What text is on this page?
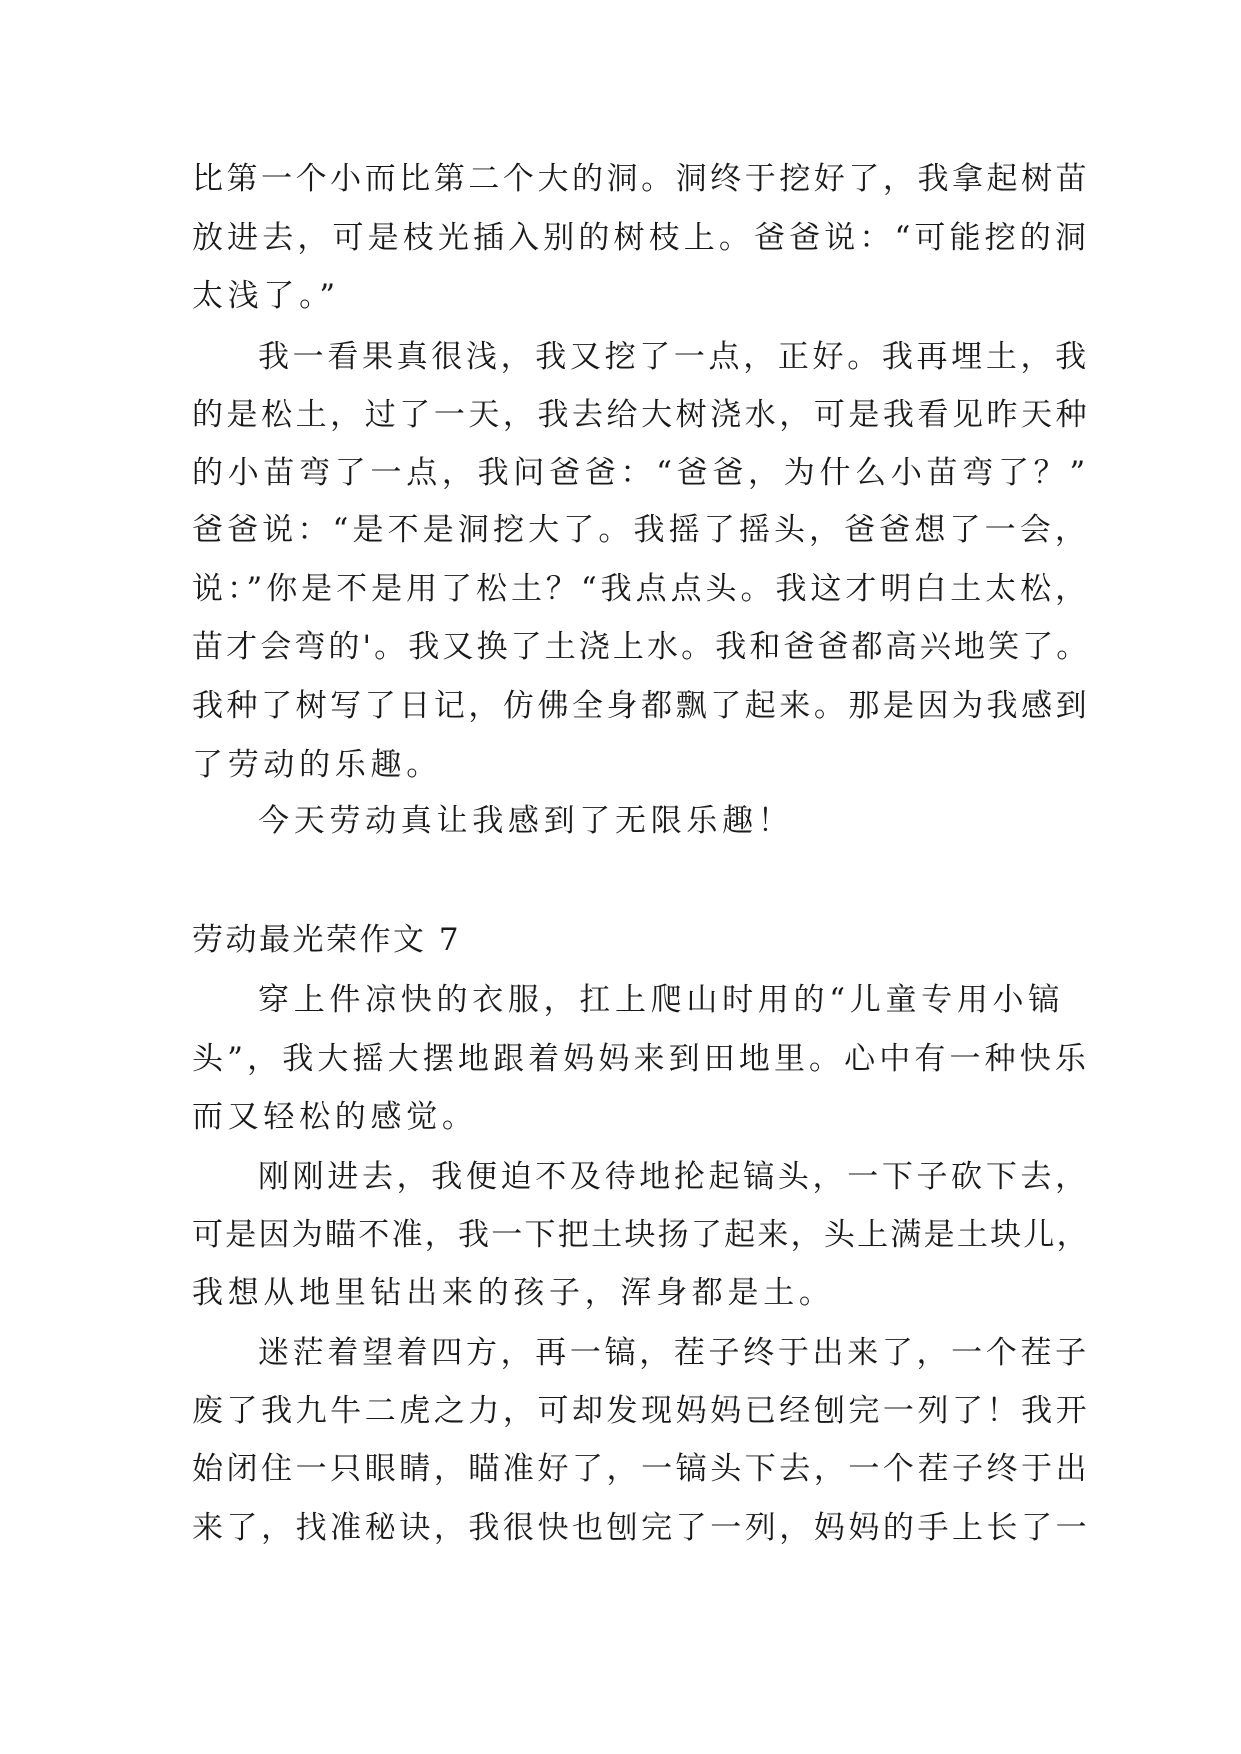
比第一个小而比第二个大的洞。洞终于挖好了，我拿起树苗
放进去，可是枝光插入别的树枝上。爸爸说：“可能挖的洞
太浅了。”
我一看果真很浅，我又挖了一点，正好。我再埋土，我
的是松土，过了一天，我去给大树浇水，可是我看见昨天种
的小苗弯了一点，我问爸爸：“爸爸，为什么小苗弯了？”
爸爸说：“是不是洞挖大了。我摇了摇头，爸爸想了一会，
说：”你是不是用了松土？“我点点头。我这才明白土太松，
苗才会弯的'。我又换了土浇上水。我和爸爸都高兴地笑了。
我种了树写了日记，仿佛全身都飘了起来。那是因为我感到
了劳动的乐趣。
今天劳动真让我感到了无限乐趣！
劳动最光荣作文 7
穿上件凉快的衣服，扛上爬山时用的“儿童专用小镐
头”，我大摇大摆地跟着妈妈来到田地里。心中有一种快乐
而又轻松的感觉。
刚刚进去，我便迫不及待地抡起镐头，一下子砍下去，
可是因为瞄不准，我一下把土块扬了起来，头上满是土块儿，
我想从地里钻出来的孩子，浑身都是土。
迷茫着望着四方，再一镐，茬子终于出来了，一个茬子
废了我九牛二虎之力，可却发现妈妈已经刨完一列了！我开
始闭住一只眼睛，瞄准好了，一镐头下去，一个茬子终于出
来了，找准秘诀，我很快也刨完了一列，妈妈的手上长了一
